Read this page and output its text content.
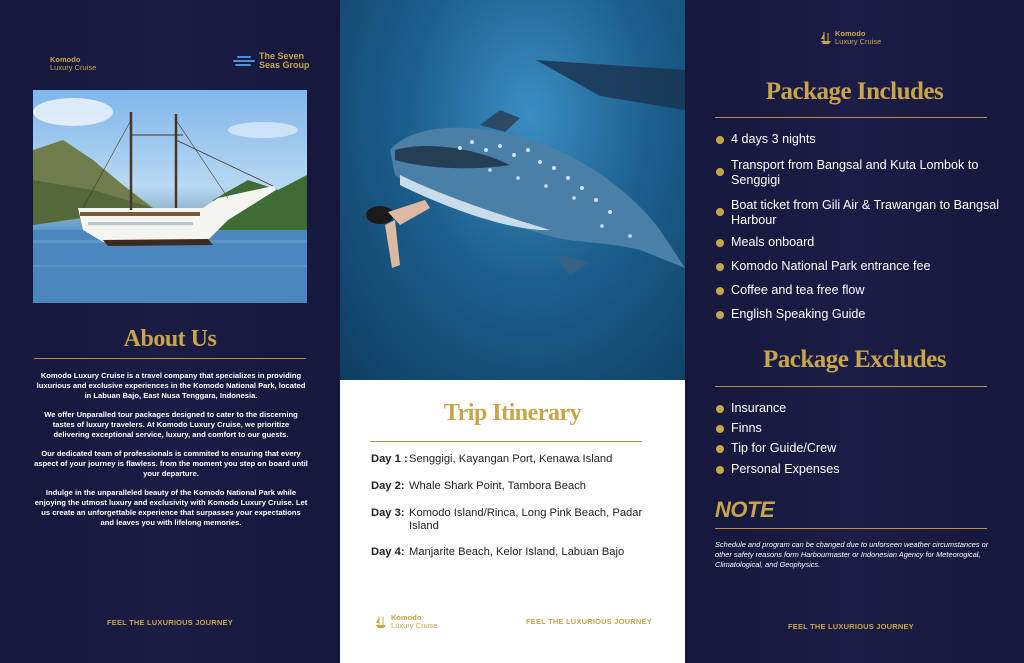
Komodo
Luxury Cruise
The Seven
Seas Group
About Us

Komodo Luxury Cruise is a travel company that specializes in providing luxurious and exclusive experiences in the Komodo National Park, located in Labuan Bajo, East Nusa Tenggara, Indonesia.

We offer Unparalled tour packages designed to cater to the discerning tastes of luxury travelers. At Komodo Luxury Cruise, we prioritize delivering exceptional service, luxury, and comfort to our guests.

Our dedicated team of professionals is commited to ensuring that every aspect of your journey is flawless. from the moment you step on board until your departure.

Indulge in the unparalleled beauty of the Komodo National Park while enjoying the utmost luxury and exclusivity with Komodo Luxury Cruise. Let us create an unforgettable experience that surpasses your expectations and leaves you with lifelong memories.

FEEL THE LUXURIOUS JOURNEY
Trip Itinerary
Day 1 : Senggigi, Kayangan Port, Kenawa Island
Day 2: Whale Shark Point, Tambora Beach
Day 3: Komodo Island/Rinca, Long Pink Beach, Padar Island
Day 4: Manjarite Beach, Kelor Island, Labuan Bajo
Komodo
Luxury Cruise	FEEL THE LUXURIOUS JOURNEY
Komodo
Luxury Cruise
Package Includes
Package Excludes
FEEL THE LUXURIOUS JOURNEY
4 days 3 nights
Transport from Bangsal and Kuta Lombok to Senggigi
Boat ticket from Gili Air & Trawangan to Bangsal Harbour
Meals onboard
Komodo National Park entrance fee
Coffee and tea free flow
English Speaking Guide
Insurance
Finns
Tip for Guide/Crew
Personal Expenses
NOTE
Schedule and program can be changed due to unforseen weather circumstances or other safety reasons form Harbourmaster or Indonesian Agency for Meteorogical, Climatological, and Geophysics.
